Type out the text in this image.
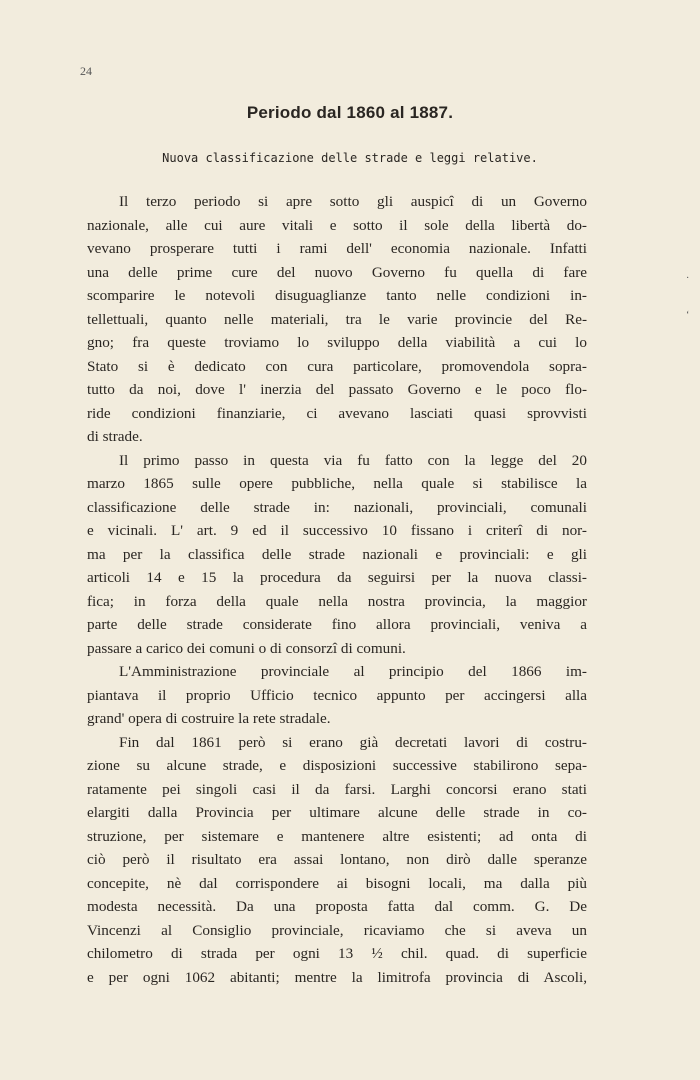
24
Periodo dal 1860 al 1887.
Nuova classificazione delle strade e leggi relative.
Il terzo periodo si apre sotto gli auspicî di un Governo
nazionale, alle cui aure vitali e sotto il sole della libertà do-
vevano prosperare tutti i rami dell' economia nazionale. Infatti
una delle prime cure del nuovo Governo fu quella di fare
scomparire le notevoli disuguaglianze tanto nelle condizioni in-
tellettuali, quanto nelle materiali, tra le varie provincie del Re-
gno; fra queste troviamo lo sviluppo della viabilità a cui lo
Stato si è dedicato con cura particolare, promovendola sopra-
tutto da noi, dove l' inerzia del passato Governo e le poco flo-
ride condizioni finanziarie, ci avevano lasciati quasi sprovvisti
di strade.
Il primo passo in questa via fu fatto con la legge del 20
marzo 1865 sulle opere pubbliche, nella quale si stabilisce la
classificazione delle strade in: nazionali, provinciali, comunali
e vicinali. L' art. 9 ed il successivo 10 fissano i criterî di nor-
ma per la classifica delle strade nazionali e provinciali: e gli
articoli 14 e 15 la procedura da seguirsi per la nuova classi-
fica; in forza della quale nella nostra provincia, la maggior
parte delle strade considerate fino allora provinciali, veniva a
passare a carico dei comuni o di consorzî di comuni.
L'Amministrazione provinciale al principio del 1866 im-
piantava il proprio Ufficio tecnico appunto per accingersi alla
grand' opera di costruire la rete stradale.
Fin dal 1861 però si erano già decretati lavori di costru-
zione su alcune strade, e disposizioni successive stabilirono sepa-
ratamente pei singoli casi il da farsi. Larghi concorsi erano stati
elargiti dalla Provincia per ultimare alcune delle strade in co-
struzione, per sistemare e mantenere altre esistenti; ad onta di
ciò però il risultato era assai lontano, non dirò dalle speranze
concepite, nè dal corrispondere ai bisogni locali, ma dalla più
modesta necessità. Da una proposta fatta dal comm. G. De
Vincenzi al Consiglio provinciale, ricaviamo che si aveva un
chilometro di strada per ogni 13 ½ chil. quad. di superficie
e per ogni 1062 abitanti; mentre la limitrofa provincia di Ascoli,
·
‘
